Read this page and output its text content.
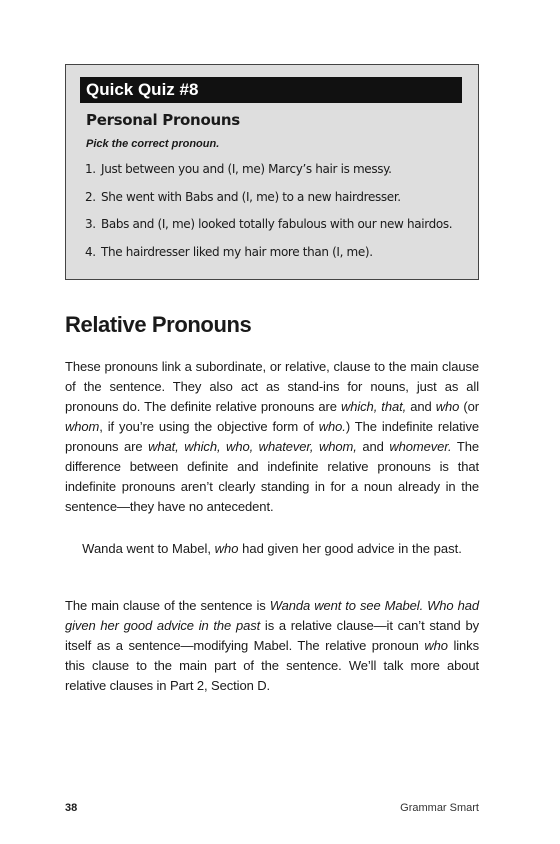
Quick Quiz #8
Personal Pronouns
Pick the correct pronoun.
1. Just between you and (I, me) Marcy’s hair is messy.
2. She went with Babs and (I, me) to a new hairdresser.
3. Babs and (I, me) looked totally fabulous with our new hairdos.
4. The hairdresser liked my hair more than (I, me).
Relative Pronouns

These pronouns link a subordinate, or relative, clause to the main clause of the sentence. They also act as stand-ins for nouns, just as all pronouns do. The definite relative pronouns are which, that, and who (or whom, if you’re using the objective form of who.) The indefinite relative pronouns are what, which, who, whatever, whom, and whomever. The difference between definite and indefinite relative pronouns is that indefinite pronouns aren’t clearly standing in for a noun already in the sentence—they have no antecedent.

Wanda went to Mabel, who had given her good advice in the past.

The main clause of the sentence is Wanda went to see Mabel. Who had given her good advice in the past is a relative clause—it can’t stand by itself as a sentence—modifying Mabel. The relative pronoun who links this clause to the main part of the sentence. We’ll talk more about relative clauses in Part 2, Section D.

38	Grammar Smart
